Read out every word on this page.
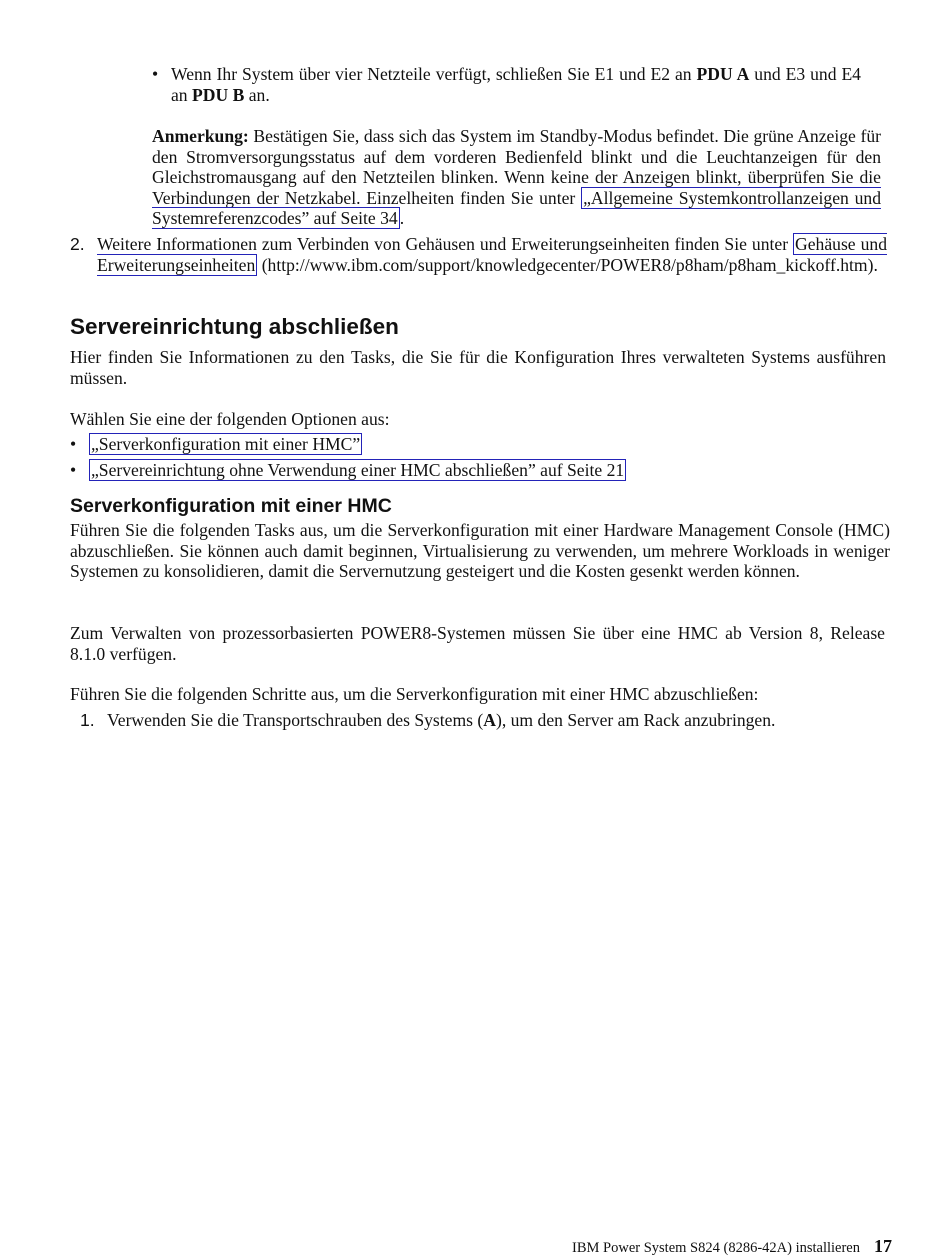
• Wenn Ihr System über vier Netzteile verfügt, schließen Sie E1 und E2 an PDU A und E3 und E4 an PDU B an.
Anmerkung: Bestätigen Sie, dass sich das System im Standby-Modus befindet. Die grüne Anzeige für den Stromversorgungsstatus auf dem vorderen Bedienfeld blinkt und die Leuchtanzeigen für den Gleichstromausgang auf den Netzteilen blinken. Wenn keine der Anzeigen blinkt, überprüfen Sie die Verbindungen der Netzkabel. Einzelheiten finden Sie unter „Allgemeine Systemkontrollanzeigen und Systemreferenzcodes” auf Seite 34 .
2. Weitere Informationen zum Verbinden von Gehäusen und Erweiterungseinheiten finden Sie unter Gehäuse und Erweiterungseinheiten (http://www.ibm.com/support/knowledgecenter/POWER8/p8ham/p8ham_kickoff.htm).
Servereinrichtung abschließen
Hier finden Sie Informationen zu den Tasks, die Sie für die Konfiguration Ihres verwalteten Systems ausführen müssen.
Wählen Sie eine der folgenden Optionen aus:
• „Serverkonfiguration mit einer HMC”
• „Servereinrichtung ohne Verwendung einer HMC abschließen” auf Seite 21
Serverkonfiguration mit einer HMC
Führen Sie die folgenden Tasks aus, um die Serverkonfiguration mit einer Hardware Management Console (HMC) abzuschließen. Sie können auch damit beginnen, Virtualisierung zu verwenden, um mehrere Workloads in weniger Systemen zu konsolidieren, damit die Servernutzung gesteigert und die Kosten gesenkt werden können.
Zum Verwalten von prozessorbasierten POWER8-Systemen müssen Sie über eine HMC ab Version 8, Release 8.1.0 verfügen.
Führen Sie die folgenden Schritte aus, um die Serverkonfiguration mit einer HMC abzuschließen:
1. Verwenden Sie die Transportschrauben des Systems (A), um den Server am Rack anzubringen.
IBM Power System S824 (8286-42A) installieren 17
